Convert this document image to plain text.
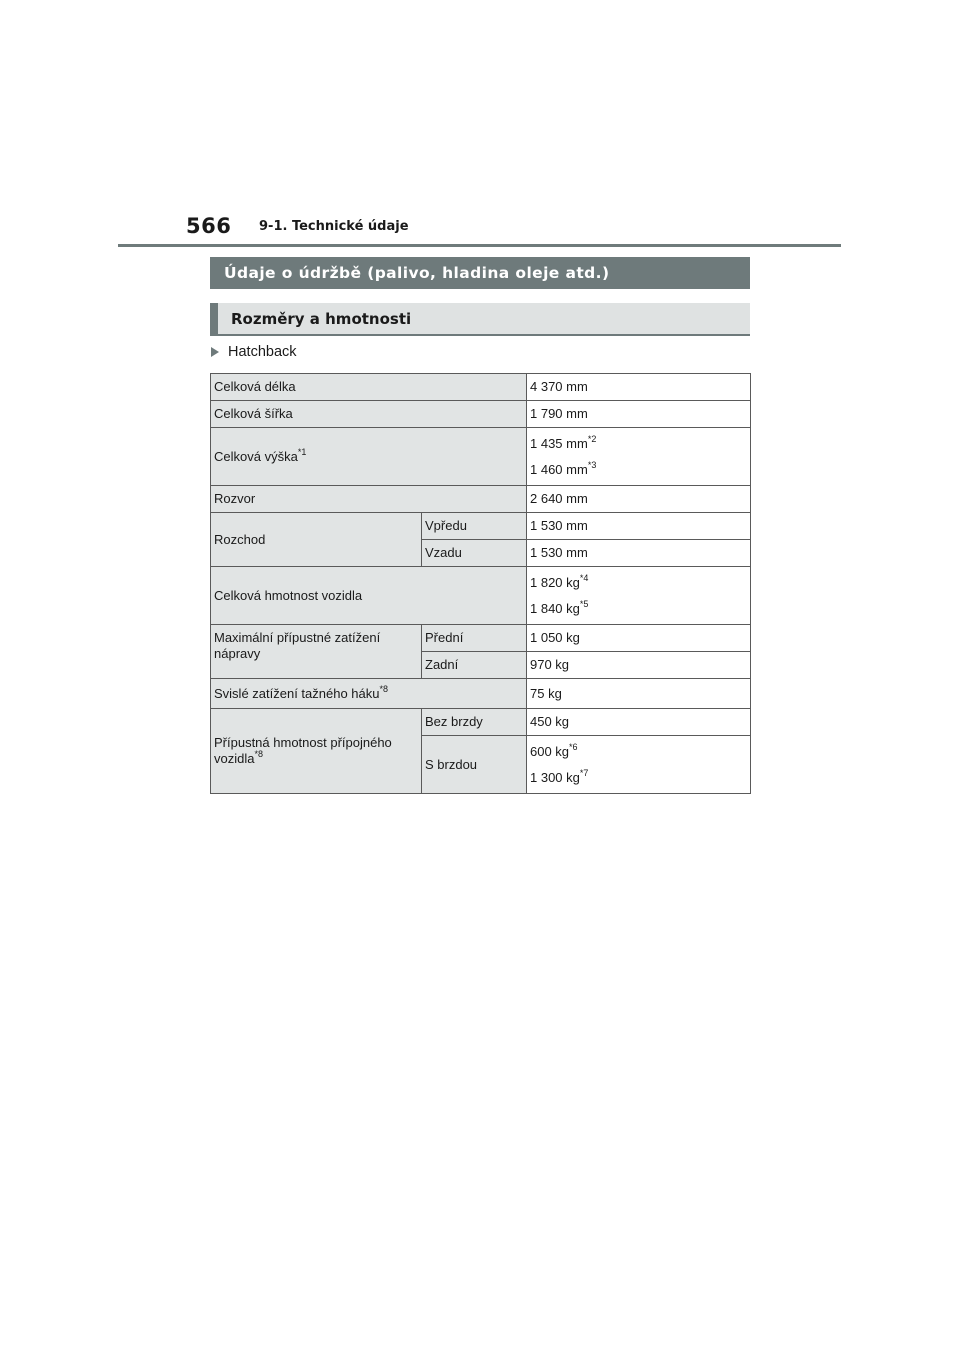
566 9-1. Technické údaje
Údaje o údržbě (palivo, hladina oleje atd.)
Rozměry a hmotnosti
Hatchback
Celková délka		4 370 mm
Celková šířka		1 790 mm
Celková výška$^{*1}$		1 435 $mm^{*2}$
1 460 $mm^{*3}$

Rozvor		2 640 mm
Rozchod	Vpředu	1 530 mm
	Vzadu	1 530 mm
Celková hmotnost vozidla		1 820 $kg^{*4}$
1 840 $kg^{*5}$

Maximální přípustné zatížení nápravy	Přední	1 050 kg
	Zadní	970 kg
Svislé zatížení tažného háku$^{*8}$		75 kg
Přípustná hmotnost přípojného vozidla$^{*8}$	Bez brzdy	450 kg
	S brzdou	600 $kg^{*6}$
1 300 $kg^{*7}$
